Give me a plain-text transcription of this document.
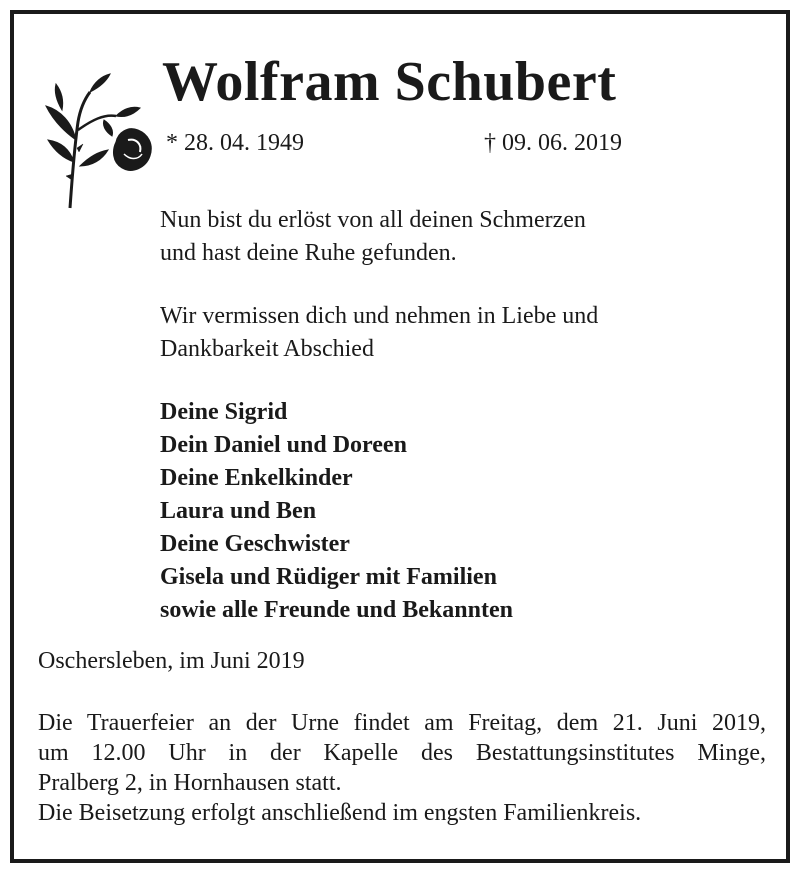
Wolfram Schubert
* 28. 04. 1949	† 09. 06. 2019
Nun bist du erlöst von all deinen Schmerzen
und hast deine Ruhe gefunden.
Wir vermissen dich und nehmen in Liebe und
Dankbarkeit Abschied
Deine Sigrid
Dein Daniel und Doreen
Deine Enkelkinder
Laura und Ben
Deine Geschwister
Gisela und Rüdiger mit Familien
sowie alle Freunde und Bekannten
Oschersleben, im Juni 2019
Die Trauerfeier an der Urne findet am Freitag, dem 21. Juni 2019,
um 12.00 Uhr in der Kapelle des Bestattungsinstitutes Minge,
Pralberg 2, in Hornhausen statt.
Die Beisetzung erfolgt anschließend im engsten Familienkreis.
